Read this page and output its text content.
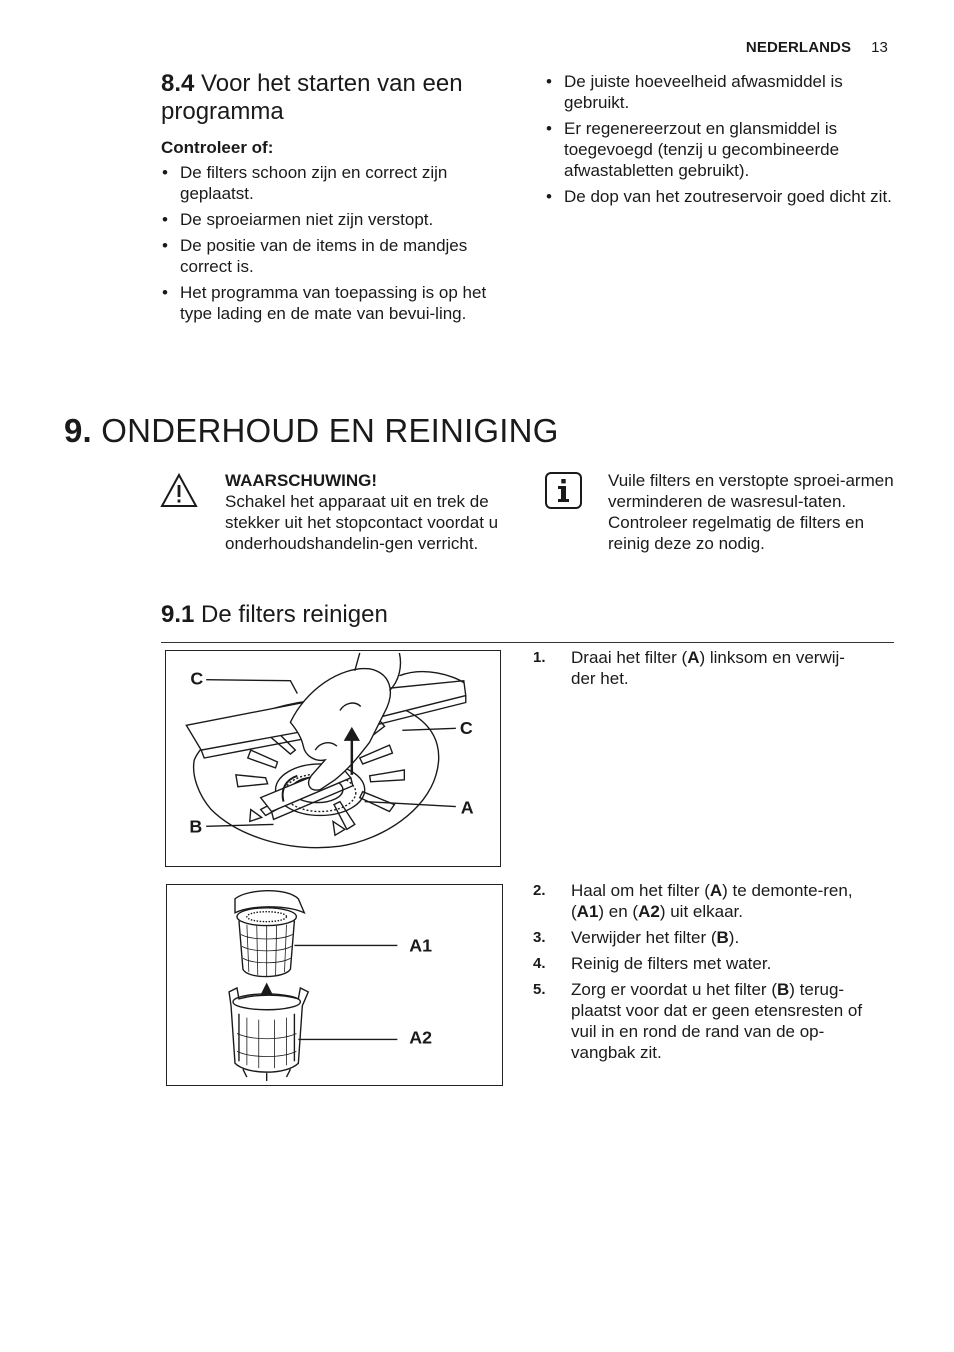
NEDERLANDS 13
8.4 Voor het starten van een programma
Controleer of:
• De filters schoon zijn en correct zijn geplaatst.
• De sproeiarmen niet zijn verstopt.
• De positie van de items in de mandjes correct is.
• Het programma van toepassing is op het type lading en de mate van bevui-ling.
• De juiste hoeveelheid afwasmiddel is gebruikt.
• Er regenereerzout en glansmiddel is toegevoegd (tenzij u gecombineerde afwastabletten gebruikt).
• De dop van het zoutreservoir goed dicht zit.
9. ONDERHOUD EN REINIGING
WAARSCHUWING!
Schakel het apparaat uit en trek de stekker uit het stopcontact voordat u onderhoudshandelin-gen verricht.
Vuile filters en verstopte sproei-armen verminderen de wasresul-taten.
Controleer regelmatig de filters en reinig deze zo nodig.
9.1 De filters reinigen
C
C
A
B
A1
A2
1. Draai het filter (A) linksom en verwij-der het.
2. Haal om het filter (A) te demonte-ren, (A1) en (A2) uit elkaar.
3. Verwijder het filter (B).
4. Reinig de filters met water.
5. Zorg er voordat u het filter (B) terug-plaatst voor dat er geen etensresten of vuil in en rond de rand van de op-vangbak zit.
